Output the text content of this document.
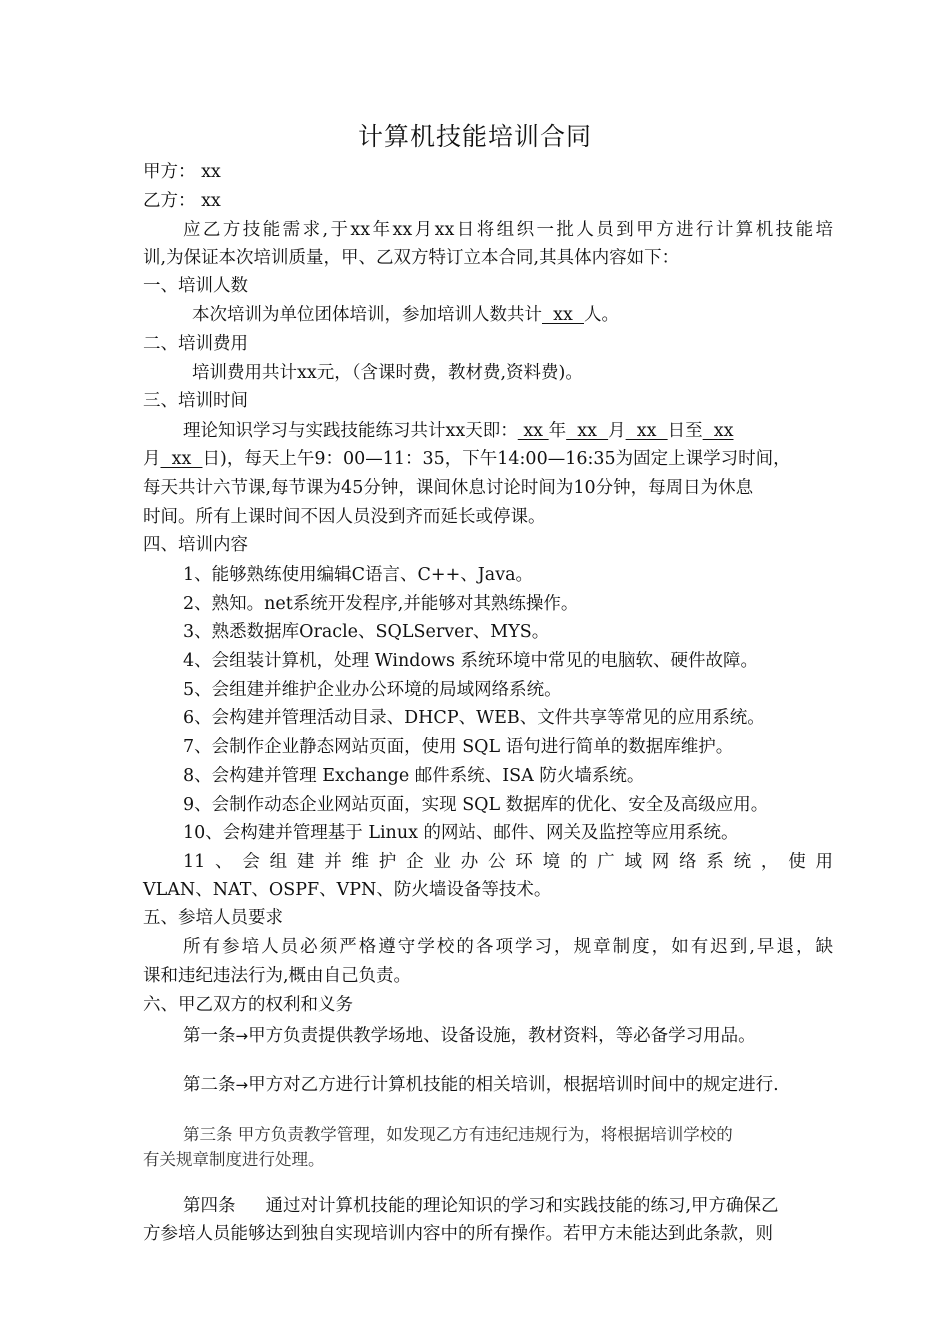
计算机技能培训合同
甲方： xx
乙方： xx
应乙方技能需求,于xx年xx月xx日将组织一批人员到甲方进行计算机技能培
训,为保证本次培训质量，甲、乙双方特订立本合同,其具体内容如下：
一、培训人数
本次培训为单位团体培训，参加培训人数共计  xx  人。
二、培训费用
培训费用共计xx元，（含课时费，教材费,资料费)。
三、培训时间
理论知识学习与实践技能练习共计xx天即： xx 年  xx  月  xx  日至  xx
月  xx  日)，每天上午9：00—11：35，下午14:00—16:35为固定上课学习时间，
每天共计六节课,每节课为45分钟，课间休息讨论时间为10分钟，每周日为休息
时间。所有上课时间不因人员没到齐而延长或停课。
四、培训内容
1、能够熟练使用编辑C语言、C++、Java。
2、熟知。net系统开发程序,并能够对其熟练操作。
3、熟悉数据库Oracle、SQLServer、MYS。
4、会组装计算机，处理 Windows 系统环境中常见的电脑软、硬件故障。
5、会组建并维护企业办公环境的局域网络系统。
6、会构建并管理活动目录、DHCP、WEB、文件共享等常见的应用系统。
7、会制作企业静态网站页面，使用 SQL 语句进行简单的数据库维护。
8、会构建并管理 Exchange 邮件系统、ISA 防火墙系统。
9、会制作动态企业网站页面，实现 SQL 数据库的优化、安全及高级应用。
10、会构建并管理基于 Linux 的网站、邮件、网关及监控等应用系统。
11、会组建并维护企业办公环境的广域网络系统，使用
VLAN、NAT、OSPF、VPN、防火墙设备等技术。
五、参培人员要求
所有参培人员必须严格遵守学校的各项学习，规章制度，如有迟到,早退，缺
课和违纪违法行为,概由自己负责。
六、甲乙双方的权利和义务
第一条→甲方负责提供教学场地、设备设施，教材资料，等必备学习用品。
第二条→甲方对乙方进行计算机技能的相关培训，根据培训时间中的规定进行.
第三条 甲方负责教学管理，如发现乙方有违纪违规行为，将根据培训学校的
有关规章制度进行处理。
第四条 通过对计算机技能的理论知识的学习和实践技能的练习,甲方确保乙
方参培人员能够达到独自实现培训内容中的所有操作。若甲方未能达到此条款，则
